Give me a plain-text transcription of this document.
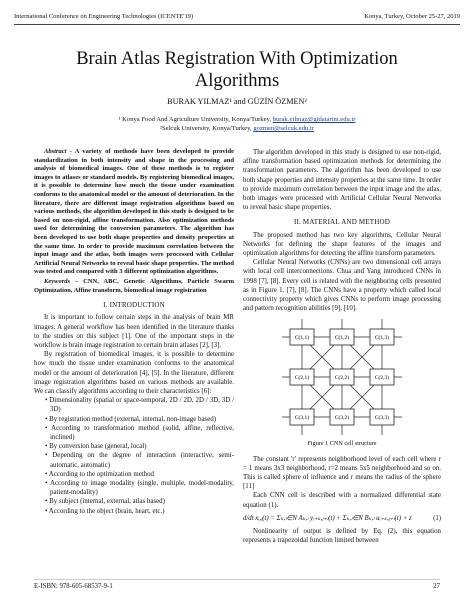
International Conference on Engineering Technologies (ICENTE'19)	Konya, Turkey, October 25-27, 2019
Brain Atlas Registration With Optimization
Algorithms
BURAK YILMAZ¹ and GÜZİN ÖZMEN²
¹ Konya Food And Agriculture University, Konya/Turkey, burak.yilmaz@gidatarim.edu.tr
²Selcuk University, Konya/Turkey, gozmen@selcuk.edu.tr

Abstract - A variety of methods have been developed to provide standardization in both intensity and shape in the processing and analysis of biomedical images. One of these methods is to register images to atlases or standard models. By registering biomedical images, it is possible to determine how much the tissue under examination conforms to the anatomical model or the amount of deterioration. In the literature, there are different image registration algorithms based on various methods, the algorithm developed in this study is designed to be based on non-rigid, affine transformation. Also optimization methods used for determining the conversion parameters. The algorithm has been developed to use both shape properties and density properties at the same time. In order to provide maximum correlation between the input image and the atlas, both images were processed with Cellular Artificial Neural Networks to reveal basic shape properties. The method was tested and compared with 3 different optimization algorithms.

Keywords – CNN, ABC, Genetic Algorithms, Particle Swarm Optimization, Affine transform, biomedical image registration

I. INTRODUCTION

It is important to follow certain steps in the analysis of brain MR images. A general workflow has been identified in the literature thanks to the studies on this subject [1]. One of the important steps in the workflow is brain image registration to certain brain atlases [2], [3].

By registration of biomedical images, it is possible to determine how much the tissue under examination conforms to the anatomical model or the amount of deterioration [4], [5]. In the literature, different image registration algorithms based on various methods are available. We can classify algorithms according to their characteristics [6]:

• Dimensionality (spatial or space-temporal, 2D / 2D, 2D / 3D, 3D / 3D)

• By registration method (external, internal, non-image based)

• According to transformation method (solid, affine, reflective, inclined)

• By conversion base (general, local)

• Depending on the degree of interaction (interactive, semi-automatic, automatic)

• According to the optimization method

• According to image modality (single, multiple, model-modality, patient-modality)

• By subject (internal, external, atlas based)

• According to the object (brain, heart, etc.)

The algorithm developed in this study is designed to use non-rigid, affine transformation based optimization methods for determining the transformation parameters. The algorithm has been developed to use both shape properties and intensity properties at the same time. In order to provide maximum correlation between the input image and the atlas, both images were processed with Artificial Cellular Neural Networks to reveal basic shape properties.

II. MATERIAL AND METHOD

The proposed method has two key algorithms, Cellular Neural Networks for defining the shape features of the images and optimization algorithms for detecting the affine transform parameters.

Cellular Neural Networks (CNNs) are two dimensional cell arrays with local cell interconnections. Chua and Yang introduced CNNs in 1998 [7], [8]. Every cell is related with the neighboring cells presented as in Figure 1. [7], [8]. The CNNs have a property which called local connectivity property which gives CNNs to perform image processing and pattern recognition abilities [9], [10].

C(1,1)	C(1,2)	C(1,3)
C(2,1)	C(2,2)	C(2,3)
C(3,1)	C(3,2)	C(3,3)
Figure 1 CNN cell structure

The constant 'r' represents neighborhood level of each cell where r = 1 means 3x3 neighborhood, r=2 means 5x5 neighborhood and so on. This is called sphere of influence and r means the radius of the sphere [11]

Each CNN cell is described with a normalized differential state equation (1).

d/dt xᵢ,ⱼ(t) = Σₖ,ₗ∈N Aₖ,ₗ yᵢ₊ₖ,ⱼ₊ₗ(t) + Σₖ,ₗ∈N Bₖ,ₗ uᵢ₊ₖ,ⱼ₊ₗ(t) + z	(1)

Nonlinearity of output is defined by Eq. (2), this equation represents a trapezoidal function limited between

E-ISBN: 978-605-68537-9-1	27
